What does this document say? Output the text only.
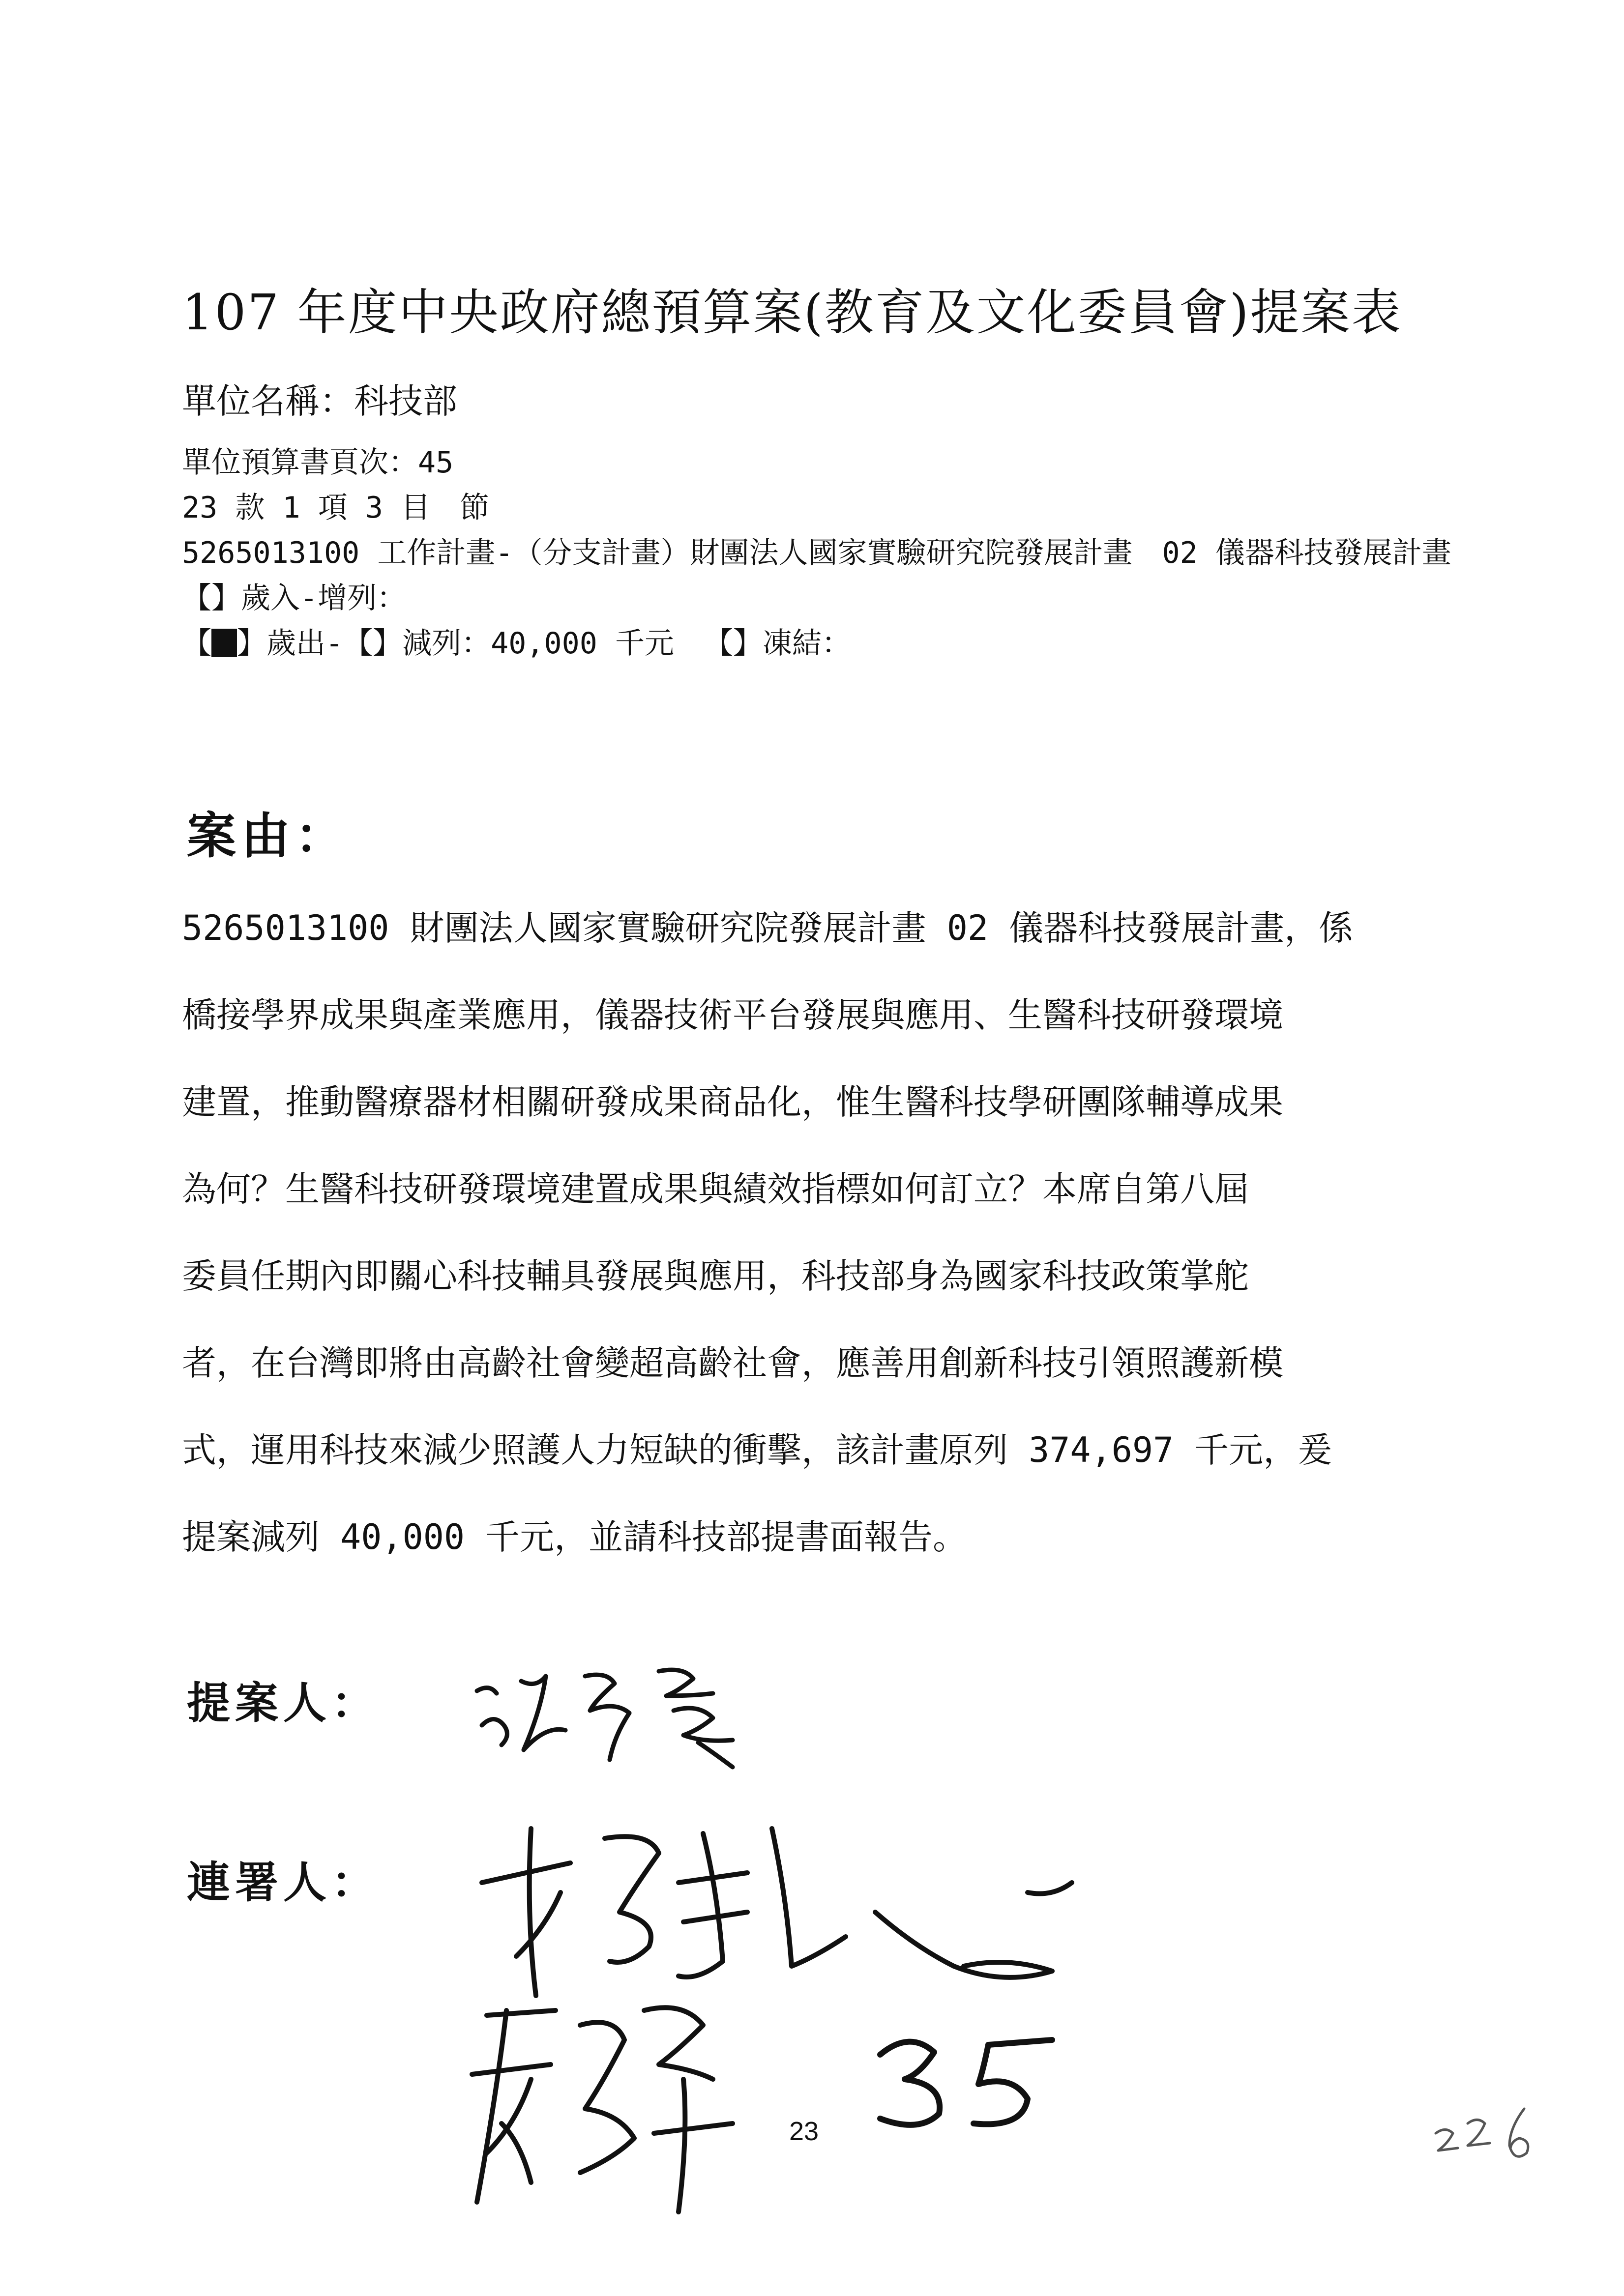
107 年度中央政府總預算案(教育及文化委員會)提案表
單位名稱：科技部
單位預算書頁次：45
23 款 1 項 3 目　節
5265013100 工作計畫-（分支計畫）財團法人國家實驗研究院發展計畫　02 儀器科技發展計畫
【】歲入-增列：
【 】歲出-【】減列：40,000 千元 【】凍結：
案由：
5265013100 財團法人國家實驗研究院發展計畫 02 儀器科技發展計畫，係
橋接學界成果與產業應用，儀器技術平台發展與應用、生醫科技研發環境
建置，推動醫療器材相關研發成果商品化，惟生醫科技學研團隊輔導成果
為何？生醫科技研發環境建置成果與績效指標如何訂立？本席自第八屆
委員任期內即關心科技輔具發展與應用，科技部身為國家科技政策掌舵
者，在台灣即將由高齡社會變超高齡社會，應善用創新科技引領照護新模
式，運用科技來減少照護人力短缺的衝擊，該計畫原列 374,697 千元，爰
提案減列 40,000 千元，並請科技部提書面報告。
提案人：
連署人：
23
